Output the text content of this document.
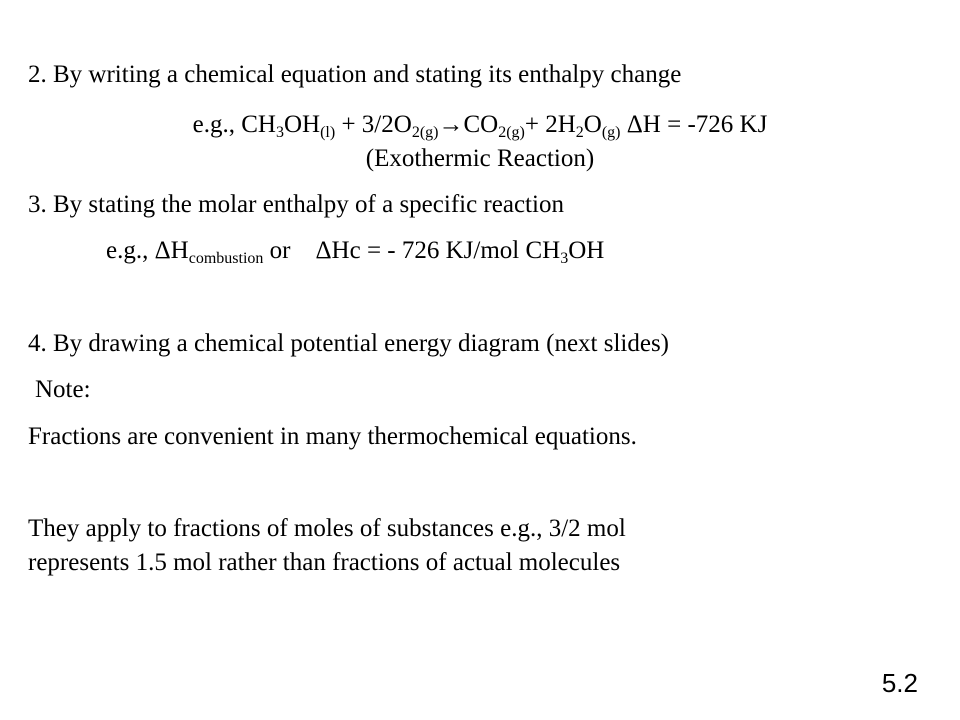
2. By writing a chemical equation and stating its enthalpy change
e.g., $CH_3OH_{(l)} + 3/2O_{2(g)}\to CO_{2(g)}+ 2H_2O_{(g)}$ ΔH = -726 KJ
(Exothermic Reaction)
3. By stating the molar enthalpy of a specific reaction
e.g., $\Delta H_{combustion}$ or    ΔHc = - 726 KJ/mol $CH_3OH$
4. By drawing a chemical potential energy diagram (next slides)
Note:
Fractions are convenient in many thermochemical equations.
They apply to fractions of moles of substances e.g., 3/2 mol
represents 1.5 mol rather than fractions of actual molecules
5.2
